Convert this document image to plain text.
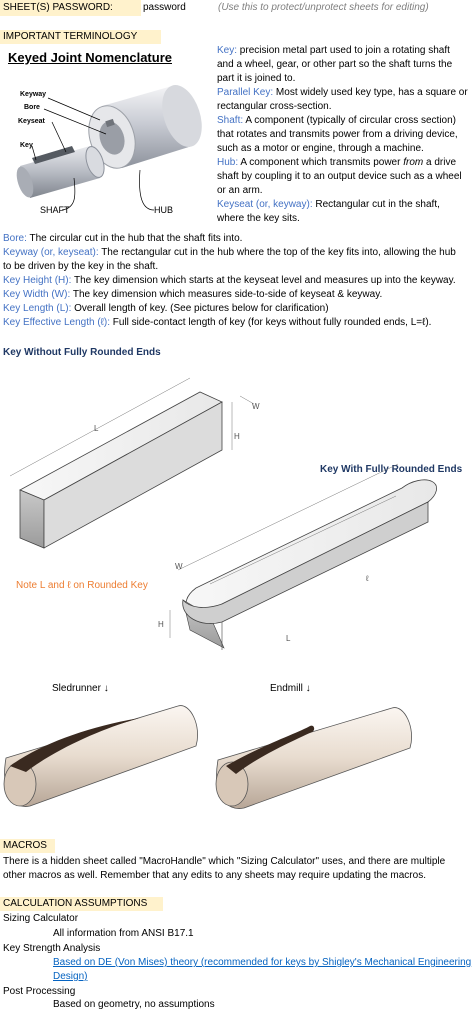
SHEET(S) PASSWORD:	password	(Use this to protect/unprotect sheets for editing)
IMPORTANT TERMINOLOGY
Keyed Joint Nomenclature
Keyway
Bore
Keyseat
Key
SHAFT	HUB

Key: precision metal part used to join a rotating shaft

and a wheel, gear, or other part so the shaft turns the

part it is joined to.

Parallel Key: Most widely used key type, has a square or

rectangular cross-section.

Shaft: A component (typically of circular cross section)

that rotates and transmits power from a driving device,

such as a motor or engine, through a machine.

Hub: A component which transmits power from a drive

shaft by coupling it to an output device such as a wheel

or an arm.

Keyseat (or, keyway): Rectangular cut in the shaft,

where the key sits.

Bore: The circular cut in the hub that the shaft fits into.
Keyway (or, keyseat): The rectangular cut in the hub where the top of the key fits into, allowing the hub
to be driven by the key in the shaft.
Key Height (H): The key dimension which starts at the keyseat level and measures up into the keyway.
Key Width (W): The key dimension which measures side-to-side of keyseat & keyway.
Key Length (L): Overall length of key. (See pictures below for clarification)
Key Effective Length (ℓ): Full side-contact length of key (for keys without fully rounded ends, L=ℓ).
Key Without Fully Rounded Ends
Key With Fully Rounded Ends
Note L and ℓ on Rounded Key
L
H
W
W
ℓ
L
H
Sledrunner ↓	Endmill ↓
MACROS
There is a hidden sheet called "MacroHandle" which "Sizing Calculator" uses, and there are multiple
other macros as well. Remember that any edits to any sheets may require updating the macros.
CALCULATION ASSUMPTIONS
Sizing Calculator
All information from ANSI B17.1
Key Strength Analysis
Based on DE (Von Mises) theory (recommended for keys by Shigley's Mechanical Engineering
Design)
Post Processing
Based on geometry, no assumptions
